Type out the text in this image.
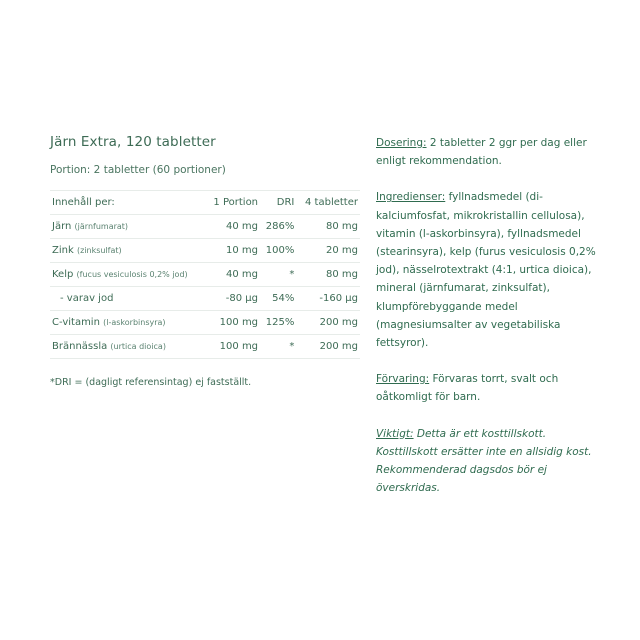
Järn Extra, 120 tabletter
Portion: 2 tabletter (60 portioner)
Innehåll per:	1 Portion	DRI	4 tabletter
Järn (järnfumarat)	40 mg	286%	80 mg
Zink (zinksulfat)	10 mg	100%	20 mg
Kelp (fucus vesiculosis 0,2% jod)	40 mg	*	80 mg
- varav jod	-80 µg	54%	-160 µg
C-vitamin (l-askorbinsyra)	100 mg	125%	200 mg
Brännässla (urtica dioica)	100 mg	*	200 mg
*DRI = (dagligt referensintag) ej fastställt.

Dosering: 2 tabletter 2 ggr per dag eller enligt rekommendation.

Ingredienser: fyllnadsmedel (di-kalciumfosfat, mikrokristallin cellulosa), vitamin (l-askorbinsyra), fyllnadsmedel (stearinsyra), kelp (furus vesiculosis 0,2% jod), nässelrotextrakt (4:1, urtica dioica), mineral (järnfumarat, zinksulfat), klumpförebyggande medel (magnesiumsalter av vegetabiliska fettsyror).

Förvaring: Förvaras torrt, svalt och oåtkomligt för barn.

Viktigt: Detta är ett kosttillskott. Kosttillskott ersätter inte en allsidig kost. Rekommenderad dagsdos bör ej överskridas.
